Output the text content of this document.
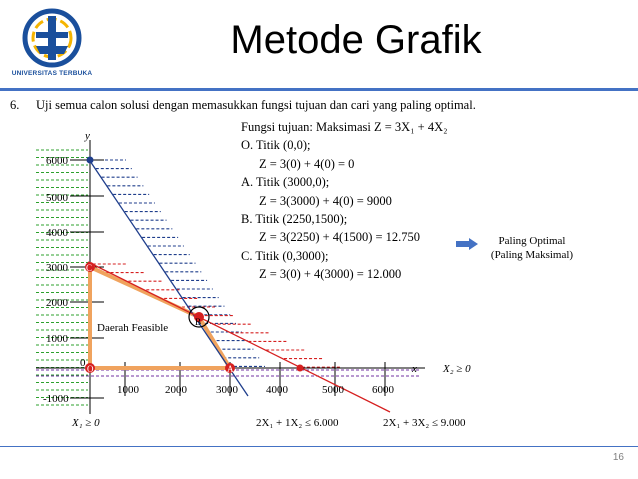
UNIVERSITAS TERBUKA
Metode Grafik
6. Uji semua calon solusi dengan memasukkan fungsi tujuan dan cari yang paling optimal.
O	A
B
C
0
y
x
Daerah Feasible
6000
5000
4000
3000
2000
1000
-1000
1000 2000	3000	4000	5000	6000
X₁ ≥ 0
X₂ ≥ 0
2X₁ + 1X₂ ≤ 6.000	2X₁ + 3X₂ ≤ 9.000
Fungsi tujuan: Maksimasi Z = 3X₁ + 4X₂
O. Titik (0,0);
Z = 3(0) + 4(0) = 0
A. Titik (3000,0);
Z = 3(3000) + 4(0) = 9000
B. Titik (2250,1500);
Z = 3(2250) + 4(1500) = 12.750
C. Titik (0,3000);
Z = 3(0) + 4(3000) = 12.000
Paling Optimal
(Paling Maksimal)
16
